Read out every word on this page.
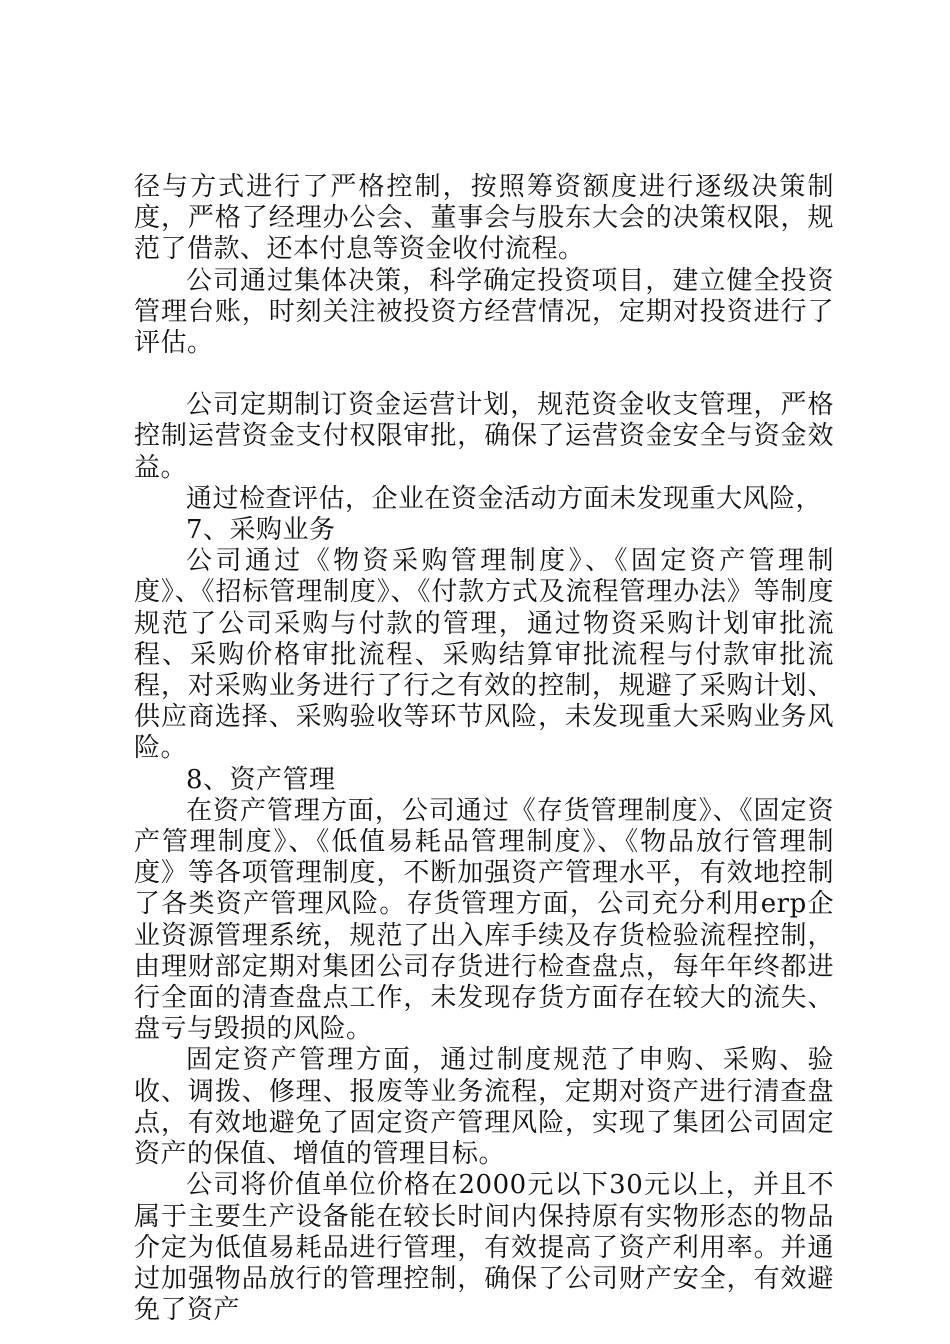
径与方式进行了严格控制，按照筹资额度进行逐级决策制度，严格了经理办公会、董事会与股东大会的决策权限，规范了借款、还本付息等资金收付流程。

公司通过集体决策，科学确定投资项目，建立健全投资管理台账，时刻关注被投资方经营情况，定期对投资进行了评估。

公司定期制订资金运营计划，规范资金收支管理，严格控制运营资金支付权限审批，确保了运营资金安全与资金效益。

通过检查评估，企业在资金活动方面未发现重大风险，

7、采购业务

公司通过《物资采购管理制度》、《固定资产管理制度》、《招标管理制度》、《付款方式及流程管理办法》等制度规范了公司采购与付款的管理，通过物资采购计划审批流程、采购价格审批流程、采购结算审批流程与付款审批流程，对采购业务进行了行之有效的控制，规避了采购计划、供应商选择、采购验收等环节风险，未发现重大采购业务风险。

8、资产管理

在资产管理方面，公司通过《存货管理制度》、《固定资产管理制度》、《低值易耗品管理制度》、《物品放行管理制度》等各项管理制度，不断加强资产管理水平，有效地控制了各类资产管理风险。存货管理方面，公司充分利用erp企业资源管理系统，规范了出入库手续及存货检验流程控制，由理财部定期对集团公司存货进行检查盘点，每年年终都进行全面的清查盘点工作，未发现存货方面存在较大的流失、盘亏与毁损的风险。

固定资产管理方面，通过制度规范了申购、采购、验收、调拨、修理、报废等业务流程，定期对资产进行清查盘点，有效地避免了固定资产管理风险，实现了集团公司固定资产的保值、增值的管理目标。

公司将价值单位价格在2000元以下30元以上，并且不属于主要生产设备能在较长时间内保持原有实物形态的物品介定为低值易耗品进行管理，有效提高了资产利用率。并通过加强物品放行的管理控制，确保了公司财产安全，有效避免了资产
